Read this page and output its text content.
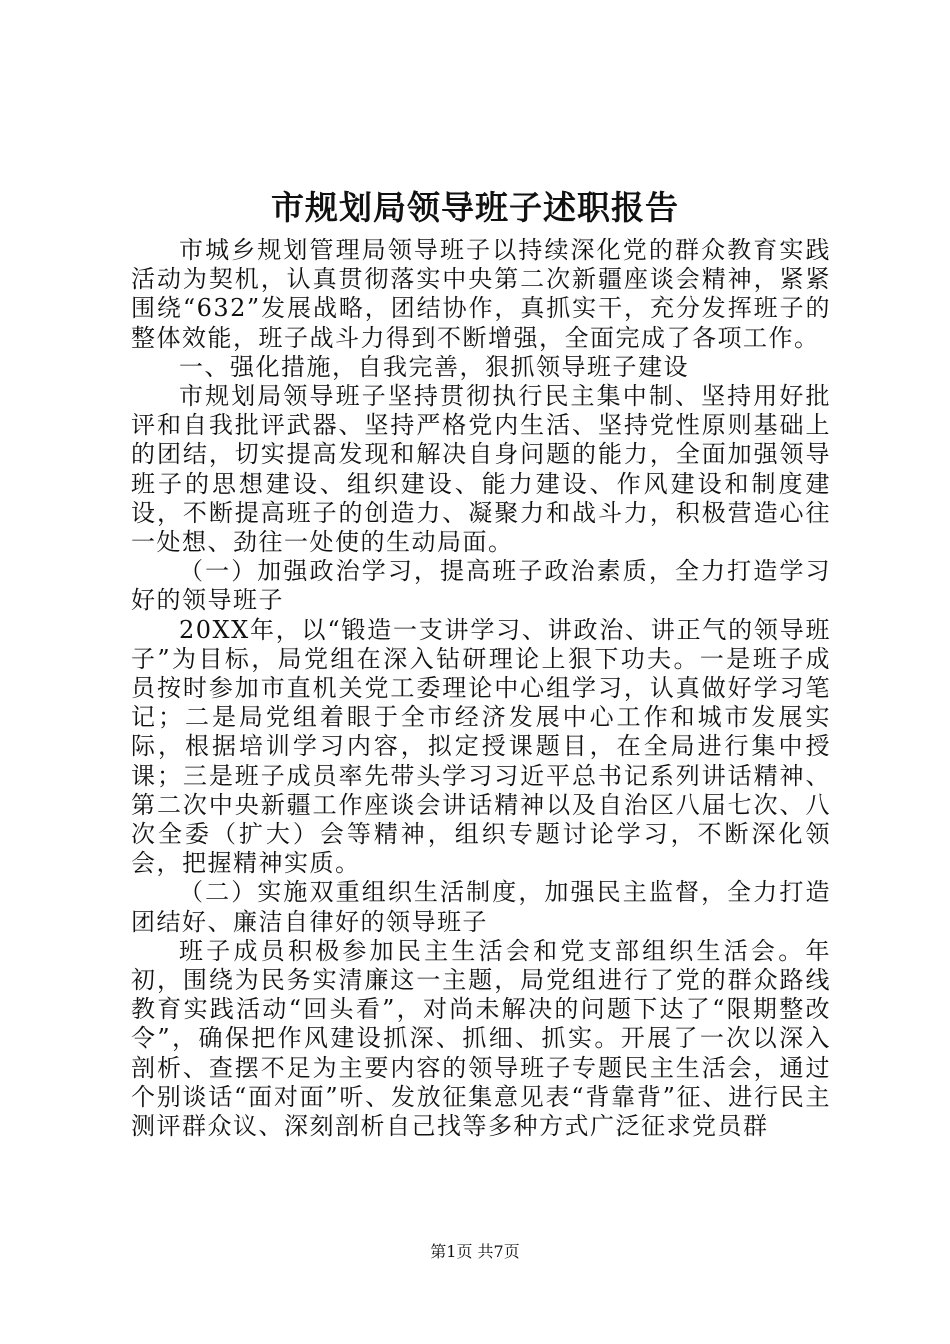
市规划局领导班子述职报告

市城乡规划管理局领导班子以持续深化党的群众教育实践活动为契机，认真贯彻落实中央第二次新疆座谈会精神，紧紧围绕“632”发展战略，团结协作，真抓实干，充分发挥班子的整体效能，班子战斗力得到不断增强，全面完成了各项工作。

一、强化措施，自我完善，狠抓领导班子建设

市规划局领导班子坚持贯彻执行民主集中制、坚持用好批评和自我批评武器、坚持严格党内生活、坚持党性原则基础上的团结，切实提高发现和解决自身问题的能力，全面加强领导班子的思想建设、组织建设、能力建设、作风建设和制度建设，不断提高班子的创造力、凝聚力和战斗力，积极营造心往一处想、劲往一处使的生动局面。

（一）加强政治学习，提高班子政治素质，全力打造学习好的领导班子

20XX年，以“锻造一支讲学习、讲政治、讲正气的领导班子”为目标，局党组在深入钻研理论上狠下功夫。一是班子成员按时参加市直机关党工委理论中心组学习，认真做好学习笔记；二是局党组着眼于全市经济发展中心工作和城市发展实际，根据培训学习内容，拟定授课题目，在全局进行集中授课；三是班子成员率先带头学习习近平总书记系列讲话精神、第二次中央新疆工作座谈会讲话精神以及自治区八届七次、八次全委（扩大）会等精神，组织专题讨论学习，不断深化领会，把握精神实质。

（二）实施双重组织生活制度，加强民主监督，全力打造团结好、廉洁自律好的领导班子

班子成员积极参加民主生活会和党支部组织生活会。年初，围绕为民务实清廉这一主题，局党组进行了党的群众路线教育实践活动“回头看”，对尚未解决的问题下达了“限期整改令”，确保把作风建设抓深、抓细、抓实。开展了一次以深入剖析、查摆不足为主要内容的领导班子专题民主生活会，通过个别谈话“面对面”听、发放征集意见表“背靠背”征、进行民主测评群众议、深刻剖析自己找等多种方式广泛征求党员群

第1页 共7页
